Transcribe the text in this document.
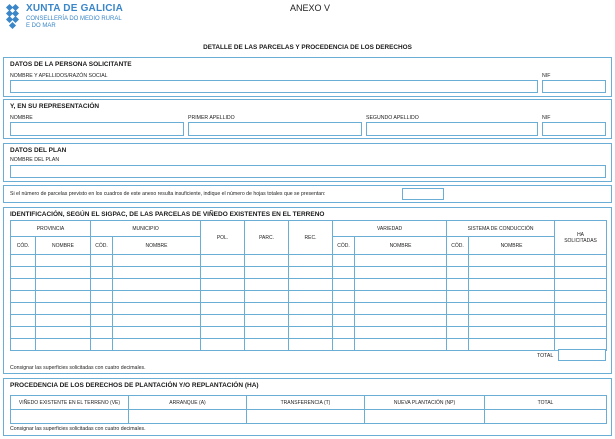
XUNTA DE GALICIA
CONSELLERÍA DO MEDIO RURAL
E DO MAR
ANEXO V
DETALLE DE LAS PARCELAS Y PROCEDENCIA DE LOS DERECHOS
DATOS DE LA PERSONA SOLICITANTE
NOMBRE Y APELLIDOS/RAZÓN SOCIAL	NIF
Y, EN SU REPRESENTACIÓN
NOMBRE	PRIMER APELLIDO	SEGUNDO APELLIDO	NIF
DATOS DEL PLAN
NOMBRE DEL PLAN
Si el número de parcelas previsto en los cuadros de este anexo resulta insuficiente, indique el número de hojas totales que se presentan:
IDENTIFICACIÓN, SEGÚN EL SIGPAC, DE LAS PARCELAS DE VIÑEDO EXISTENTES EN EL TERRENO
PROVINCIA		MUNICIPIO		POL.	PARC.	REC.	VARIEDAD		SISTEMA DE CONDUCCIÓN		HA
SOLICITADAS

CÓD.	NOMBRE	CÓD.	NOMBRE				CÓD.	NOMBRE	CÓD.	NOMBRE	

TOTAL
Consignar las superficies solicitadas con cuatro decimales.
PROCEDENCIA DE LOS DERECHOS DE PLANTACIÓN Y/O REPLANTACIÓN (HA)
VIÑEDO EXISTENTE EN EL TERRENO (VE)	ARRANQUE (A)	TRANSFERENCIA (T)	NUEVA PLANTACIÓN (NP)	TOTAL

Consignar las superficies solicitadas con cuatro decimales.
